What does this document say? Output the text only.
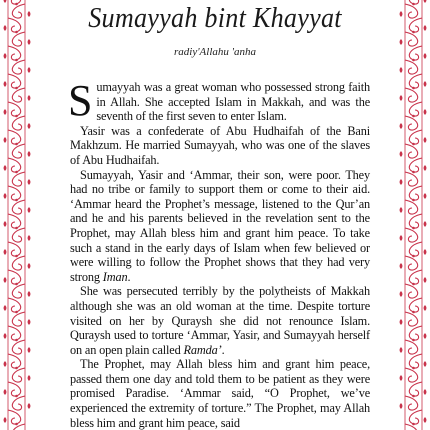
Sumayyah bint Khayyat
radiy'Allahu 'anha

Sumayyah was a great woman who possessed strong faith in Allah. She accepted Islam in Makkah, and was the seventh of the first seven to enter Islam.

Yasir was a confederate of Abu Hudhaifah of the Bani Makhzum. He married Sumayyah, who was one of the slaves of Abu Hudhaifah.

Sumayyah, Yasir and ‘Ammar, their son, were poor. They had no tribe or family to support them or come to their aid. ‘Ammar heard the Prophet’s message, listened to the Qur’an and he and his parents believed in the revelation sent to the Prophet, may Allah bless him and grant him peace. To take such a stand in the early days of Islam when few believed or were willing to follow the Prophet shows that they had very strong Iman.

She was persecuted terribly by the polytheists of Makkah although she was an old woman at the time. Despite torture visited on her by Quraysh she did not renounce Islam. Quraysh used to torture ‘Ammar, Yasir, and Sumayyah herself on an open plain called Ramda’.

The Prophet, may Allah bless him and grant him peace, passed them one day and told them to be patient as they were promised Paradise. ‘Ammar said, “O Prophet, we’ve experienced the extremity of torture.” The Prophet, may Allah bless him and grant him peace, said
